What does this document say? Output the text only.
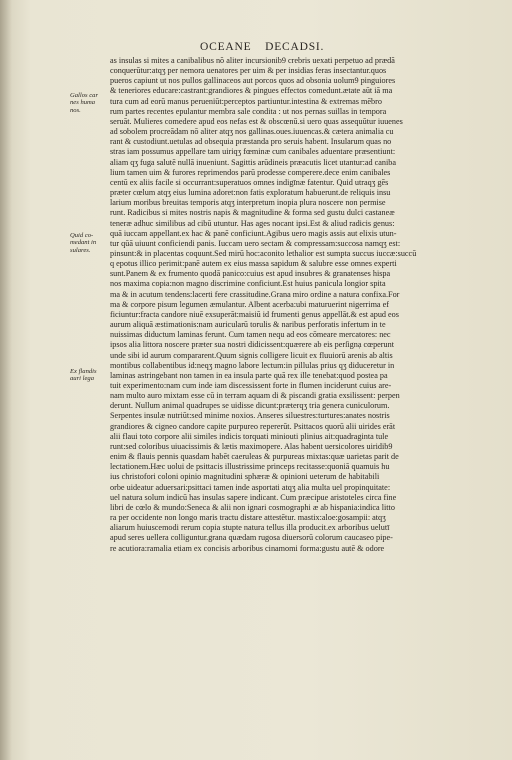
OCEANE DECADSI.
Gallos car
nes huma
nos.
Quid co-
medant in
sulares.
Ex flandis
auri lega
as insulas si mites a canibalibus nõ aliter incursionib9 crebris uexati perpetuo ad prædã
conquerūtur:atqʒ per nemora uenatores per uim & per insidias feras insectantur.quos
pueros capiunt ut nos pullos gallinaceos aut porcos quos ad obsonia uolum9 pinguiores
& teneriores educare:castrant:grandiores & pingues effectos comedunt.ætate aūt iā ma
tura cum ad eorū manus perueniūt:perceptos partiuntur.intestina & extremas mēbro
rum partes recentes epulantur membra sale condita : ut nos pernas suillas in tempora
seruāt. Mulieres comedere apud eos nefas est & obscœnū.si uero quas assequūtur iuuenes
ad sobolem procreādam nō aliter atqʒ nos gallinas.oues.iuuencas.& cætera animalia cu
rant & custodiunt.uetulas ad obsequia præstanda pro seruis habent. Insularum quas no
stras iam possumus appellare tam uiriqʒ fœminæ cum canibales aduentare præsentiunt:
aliam qʒ fuga salutē nullā inueniunt. Sagittis arūdineis præacutis licet utantur:ad caniba
lium tamen uim & furores reprimendos parū prodesse comperere.dece enim canibales
centū ex aliis facile si occurrant:superatuos omnes indigīnæ fatentur. Quid utraqʒ gēs
præter cœlum atqʒ eius lumina adoret:non fatis exploratum habuerunt.de reliquis insu
larium moribus breuitas temporis atqʒ interpretum inopia plura noscere non permise
runt. Radicibus si mites nostris napis & magnitudine & forma sed gustu dulci castaneæ
teneræ adhuc similibus ad cibū utuntur. Has ages nocant ipsi.Est & aliud radicis genus:
quā iuccam appellant.ex hac & panē conficiunt.Agibus uero magis assis aut elixis utun-
tur qūā uiuunt conficiendi panis. Iuccam uero sectam & compressam:succosa namqʒ est:
pinsunt:& in placentas coquunt.Sed mirū hoc:aconito lethalior est sumpta succus iuccæ:succū
q epotus illico perimit:panē autem ex eius massa sapidum & salubre esse omnes experti
sunt.Panem & ex frumento quodā panico:cuius est apud insubres & granatenses hispa
nos maxima copia:non magno discrimine conficiunt.Est huius panicula longior spita
ma & in acutum tendens:lacerti fere crassitudine.Grana miro ordine a natura confixa.For
ma & corpore pisum legumen æmulantur. Albent acerba:ubi maturuerint nigerrima ef
ficiuntur:fracta candore niuē exsuperāt:maisiū id frumenti genus appellāt.& est apud eos
aurum aliquā æstimationis:nam auricularū torulis & naribus perforatis infertum in te
nuissimas diductum laminas ferunt. Cum tamen nequ ad eos cōmeare mercatores: nec
ipsos alia littora noscere præter sua nostri didicissent:quærere ab eis perſignạ cœperunt
unde sibi id aurum compararent.Quum signis colligere licuit ex fluuiorū arenis ab altis
montibus collabentibus id:neqʒ magno labore lectum:in pillulas prius qʒ diduceretur in
laminas astringebant non tamen in ea insula parte quā rex ille tenebat:quod postea pa
tuit experimento:nam cum inde iam discessissent forte in flumen inciderunt cuius are-
nam multo auro mixtam esse cū in terram aquam di & piscandi gratia exsilissent: perpen
derunt. Nullum animal quadrupes se uidisse dicunt:præterqʒ tria genera cuniculorum.
Serpentes insulæ nutriūt:sed minime noxios. Anseres siluestres:turtures:anates nostris
grandiores & cigneo candore capite purpureo repererūt. Psittacos quorū alii uirides erāt
alii flaui toto corpore alii similes indicis torquati miniouti plinius ait:quadraginta tule
runt:sed coloribus uiuacissimis & lætis maximopere. Alas habent uersicolores uiridib9
enim & flauis pennis quasdam habēt caeruleas & purpureas mixtas:quæ uarietas parit de
lectationem.Hæc uolui de psittacis illustrissime princeps recitasse:quoniā quamuis hu
ius christofori coloni opinio magnitudini sphæræ & opinioni ueterum de habitabili
orbe uideatur aduersari:psittaci tamen inde asportati atqʒ alia multa uel propinquitate:
uel natura solum indicū has insulas sapere indicant. Cum præcipue aristoteles circa fine
libri de cœlo & mundo:Seneca & alii non ignari cosmographi æ ab hispania:indica litto
ra per occidente non longo maris tractu distare attestētur. mastix:aloe:gosampii: atqʒ
aliarum huiuscemodi rerum copia stupte natura tellus illa producit.ex arboribus uelutī
apud seres uellera colliguntur.grana quædam rugosa diuersorū colorum caucaseo pipe-
re acutiora:ramalia etiam ex concisis arboribus cinamomi forma:gustu autē & odore
